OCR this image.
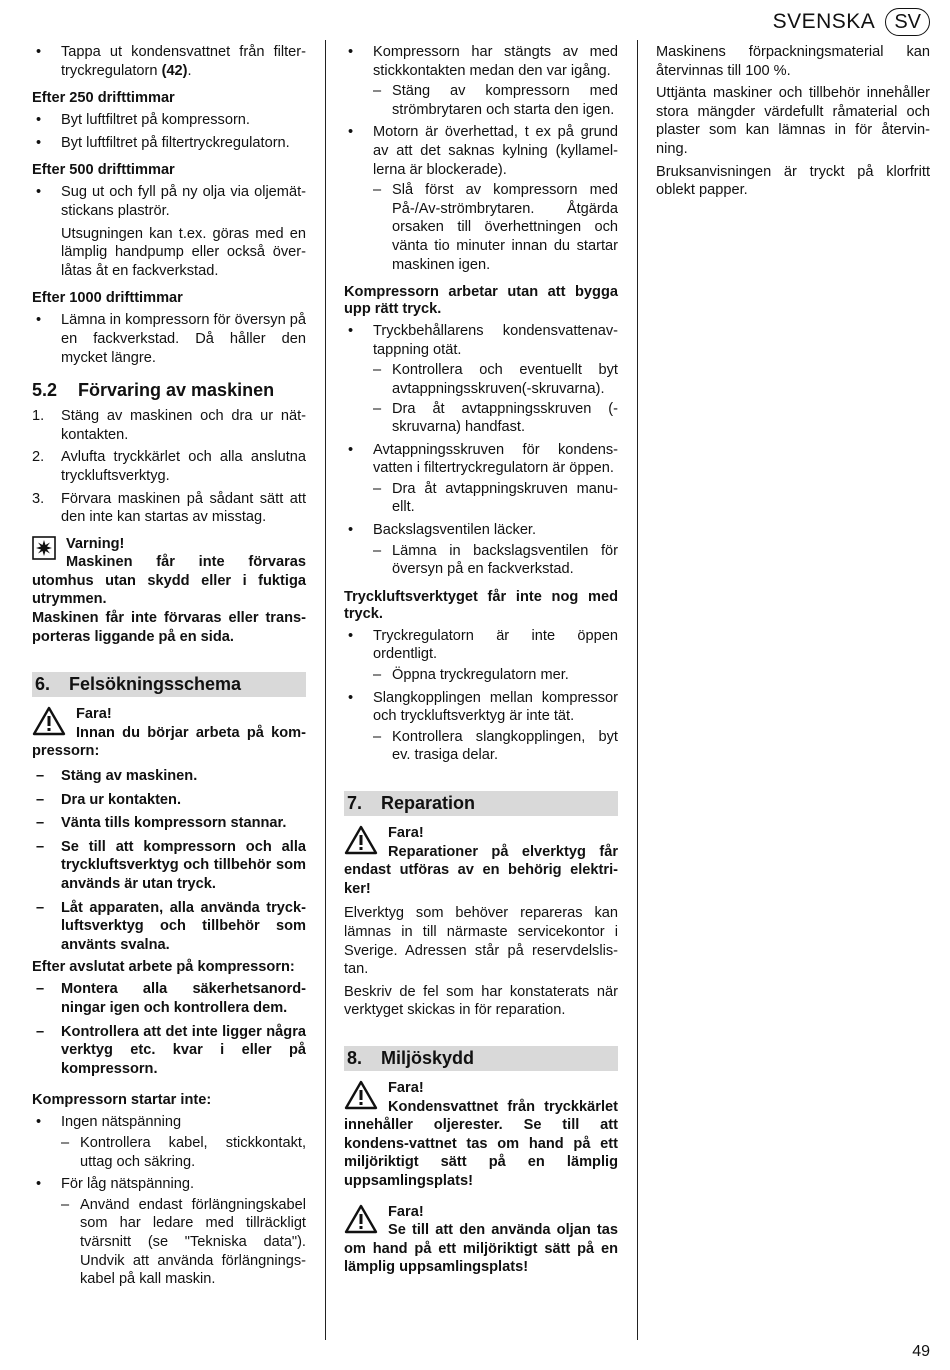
SVENSKA SV
• Tappa ut kondensvattnet från filter-tryckregulatorn (42).
Efter 250 drifttimmar
• Byt luftfiltret på kompressorn.
• Byt luftfiltret på filtertryckregulatorn.
Efter 500 drifttimmar
• Sug ut och fyll på ny olja via oljemät-stickans plaströr.

Utsugningen kan t.ex. göras med en lämplig handpump eller också över-låtas åt en fackverkstad.

Efter 1000 drifttimmar
• Lämna in kompressorn för översyn på en fackverkstad. Då håller den mycket längre.
5.2 Förvaring av maskinen
1. Stäng av maskinen och dra ur nät-kontakten.
2. Avlufta tryckkärlet och alla anslutna tryckluftsverktyg.
3. Förvara maskinen på sådant sätt att den inte kan startas av misstag.
Varning!
Maskinen får inte förvaras utomhus utan skydd eller i fuktiga utrymmen.
Maskinen får inte förvaras eller trans-porteras liggande på en sida.
6. Felsökningsschema
Fara!
Innan du börjar arbeta på kom-pressorn:
– Stäng av maskinen.
– Dra ur kontakten.
– Vänta tills kompressorn stannar.
– Se till att kompressorn och alla tryckluftsverktyg och tillbehör som används är utan tryck.
– Låt apparaten, alla använda tryck-luftsverktyg och tillbehör som använts svalna.
Efter avslutat arbete på kompressorn:
– Montera alla säkerhetsanord-ningar igen och kontrollera dem.
– Kontrollera att det inte ligger några verktyg etc. kvar i eller på kompressorn.
Kompressorn startar inte:
• Ingen nätspänning
– Kontrollera kabel, stickkontakt, uttag och säkring.
• För låg nätspänning.
– Använd endast förlängningskabel som har ledare med tillräckligt tvärsnitt (se "Tekniska data"). Undvik att använda förlängnings-kabel på kall maskin.
• Kompressorn har stängts av med stickkontakten medan den var igång.
– Stäng av kompressorn med strömbrytaren och starta den igen.
• Motorn är överhettad, t ex på grund av att det saknas kylning (kyllamel-lerna är blockerade).
– Slå först av kompressorn med På-/Av-strömbrytaren. Åtgärda orsaken till överhettningen och vänta tio minuter innan du startar maskinen igen.
Kompressorn arbetar utan att bygga upp rätt tryck.
• Tryckbehållarens kondensvattenav-tappning otät.
– Kontrollera och eventuellt byt avtappningsskruven(-skruvarna).
– Dra åt avtappningsskruven (-skruvarna) handfast.
• Avtappningsskruven för kondens-vatten i filtertryckregulatorn är öppen.
– Dra åt avtappningskruven manu-ellt.
• Backslagsventilen läcker.
– Lämna in backslagsventilen för översyn på en fackverkstad.
Tryckluftsverktyget får inte nog med tryck.
• Tryckregulatorn är inte öppen ordentligt.
– Öppna tryckregulatorn mer.
• Slangkopplingen mellan kompressor och tryckluftsverktyg är inte tät.
– Kontrollera slangkopplingen, byt ev. trasiga delar.
7. Reparation
Fara!
Reparationer på elverktyg får endast utföras av en behörig elektri-ker!

Elverktyg som behöver repareras kan lämnas in till närmaste servicekontor i Sverige. Adressen står på reservdelslis-tan.

Beskriv de fel som har konstaterats när verktyget skickas in för reparation.

8. Miljöskydd
Fara!
Kondensvattnet från tryckkärlet innehåller oljerester. Se till att kondens-vattnet tas om hand på ett miljöriktigt sätt på en lämplig uppsamlingsplats!
Fara!
Se till att den använda oljan tas om hand på ett miljöriktigt sätt på en lämplig uppsamlingsplats!

Maskinens förpackningsmaterial kan återvinnas till 100 %.

Uttjänta maskiner och tillbehör innehåller stora mängder värdefullt råmaterial och plaster som kan lämnas in för återvin-ning.

Bruksanvisningen är tryckt på klorfritt oblekt papper.

49
